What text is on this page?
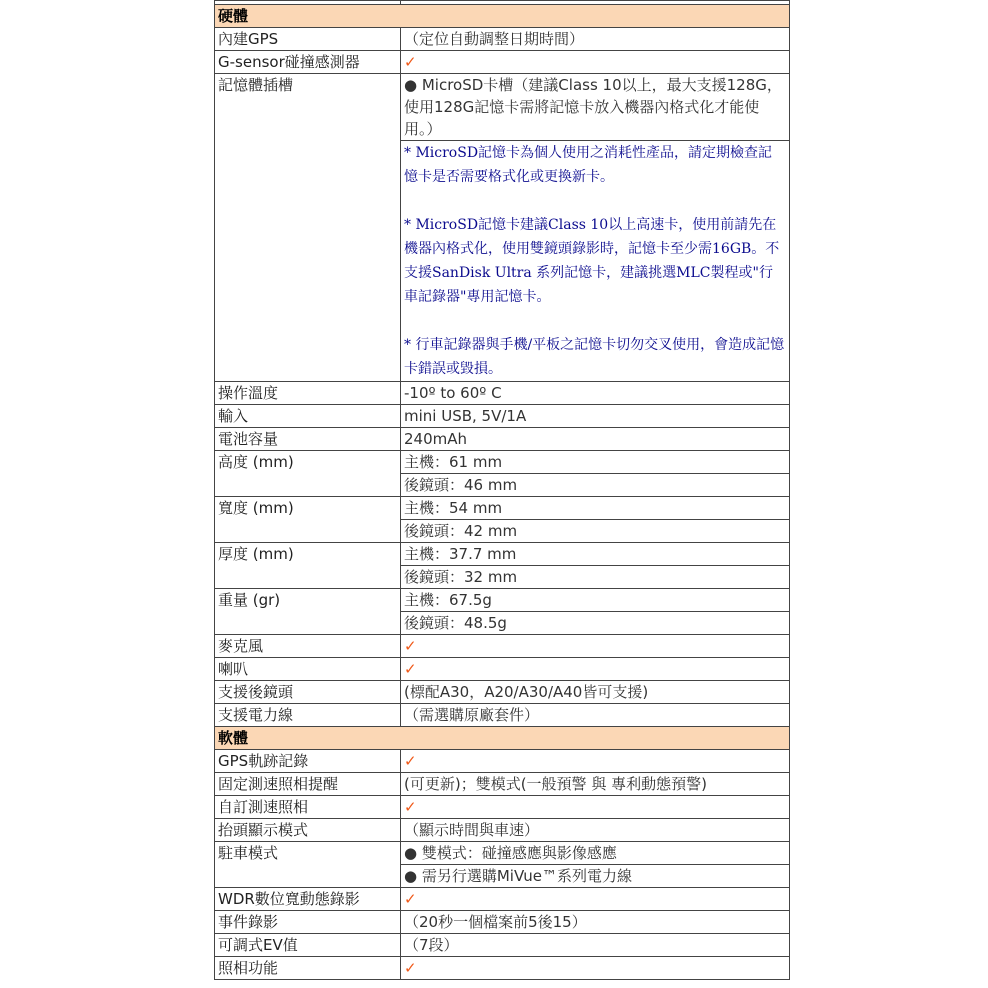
硬體	
內建GPS	（定位自動調整日期時間）

G-sensor碰撞感測器	✓

記憶體插槽	● MicroSD卡槽（建議Class 10以上，最大支援128G，使用128G記憶卡需將記憶卡放入機器內格式化才能使用。）
* MicroSD記憶卡為個人使用之消耗性產品，請定期檢查記憶卡是否需要格式化或更換新卡。

* MicroSD記憶卡建議Class 10以上高速卡，使用前請先在機器內格式化，使用雙鏡頭錄影時，記憶卡至少需16GB。不支援SanDisk Ultra 系列記憶卡，建議挑選MLC製程或"行車記錄器"專用記憶卡。

* 行車記錄器與手機/平板之記憶卡切勿交叉使用，會造成記憶卡錯誤或毀損。

操作溫度	-10º to 60º C

輸入	mini USB, 5V/1A

電池容量	240mAh

高度 (mm)	主機：61 mm
後鏡頭：46 mm

寬度 (mm)	主機：54 mm
後鏡頭：42 mm

厚度 (mm)	主機：37.7 mm
後鏡頭：32 mm

重量 (gr)	主機：67.5g
後鏡頭：48.5g

麥克風	✓

喇叭	✓

支援後鏡頭	(標配A30，A20/A30/A40皆可支援)

支援電力線	（需選購原廠套件）

軟體	
GPS軌跡記錄	✓

固定測速照相提醒	(可更新)；雙模式(一般預警 與 專利動態預警)

自訂測速照相	✓

抬頭顯示模式	（顯示時間與車速）

駐車模式	● 雙模式：碰撞感應與影像感應
● 需另行選購MiVue™系列電力線

WDR數位寬動態錄影	✓

事件錄影	（20秒一個檔案前5後15）

可調式EV值	（7段）

照相功能	✓
